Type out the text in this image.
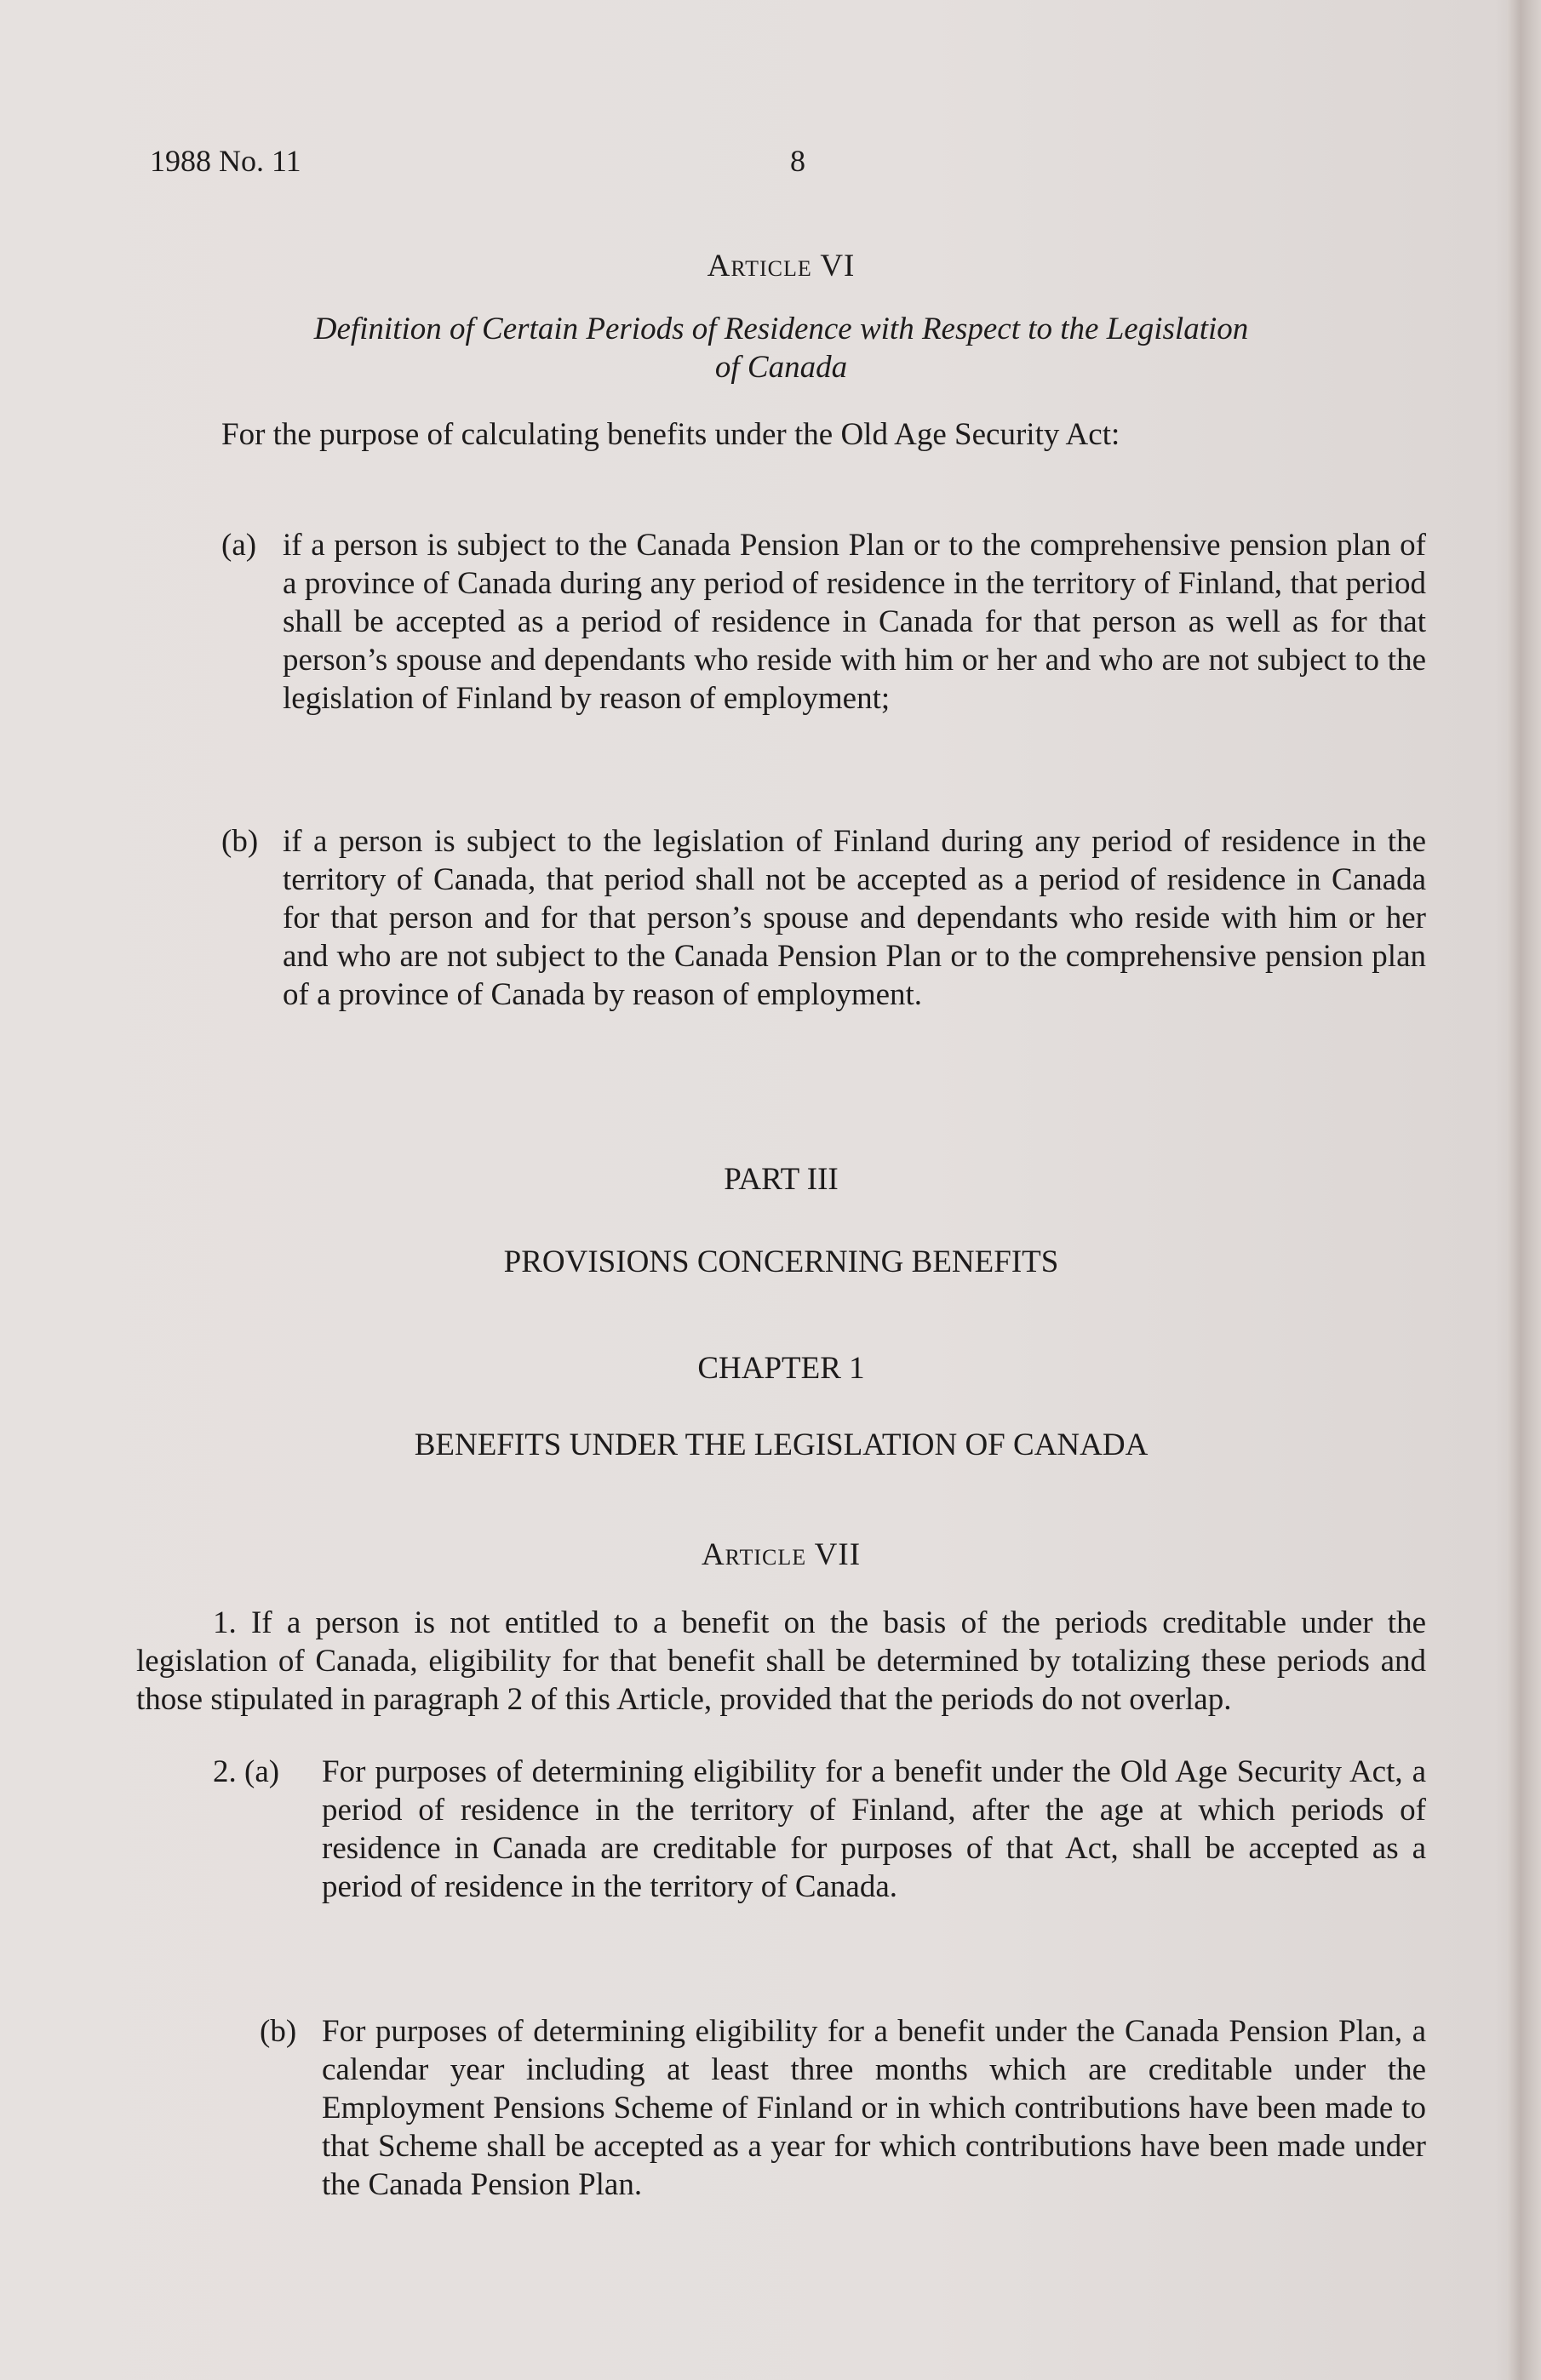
1988 No. 11	8
Article VI
Definition of Certain Periods of Residence with Respect to the Legislation
of Canada
For the purpose of calculating benefits under the Old Age Security Act:
(a) if a person is subject to the Canada Pension Plan or to the comprehensive pension plan of a province of Canada during any period of residence in the territory of Finland, that period shall be accepted as a period of residence in Canada for that person as well as for that person’s spouse and dependants who reside with him or her and who are not subject to the legislation of Finland by reason of employment;
(b) if a person is subject to the legislation of Finland during any period of residence in the territory of Canada, that period shall not be accepted as a period of residence in Canada for that person and for that person’s spouse and dependants who reside with him or her and who are not subject to the Canada Pension Plan or to the comprehensive pension plan of a province of Canada by reason of employment.
PART III
PROVISIONS CONCERNING BENEFITS
CHAPTER 1
BENEFITS UNDER THE LEGISLATION OF CANADA
Article VII
1. If a person is not entitled to a benefit on the basis of the periods creditable under the legislation of Canada, eligibility for that benefit shall be determined by totalizing these periods and those stipulated in paragraph 2 of this Article, provided that the periods do not overlap.
2. (a) For purposes of determining eligibility for a benefit under the Old Age Security Act, a period of residence in the territory of Finland, after the age at which periods of residence in Canada are creditable for purposes of that Act, shall be accepted as a period of residence in the territory of Canada.
(b) For purposes of determining eligibility for a benefit under the Canada Pension Plan, a calendar year including at least three months which are creditable under the Employment Pensions Scheme of Finland or in which contributions have been made to that Scheme shall be accepted as a year for which contributions have been made under the Canada Pension Plan.
